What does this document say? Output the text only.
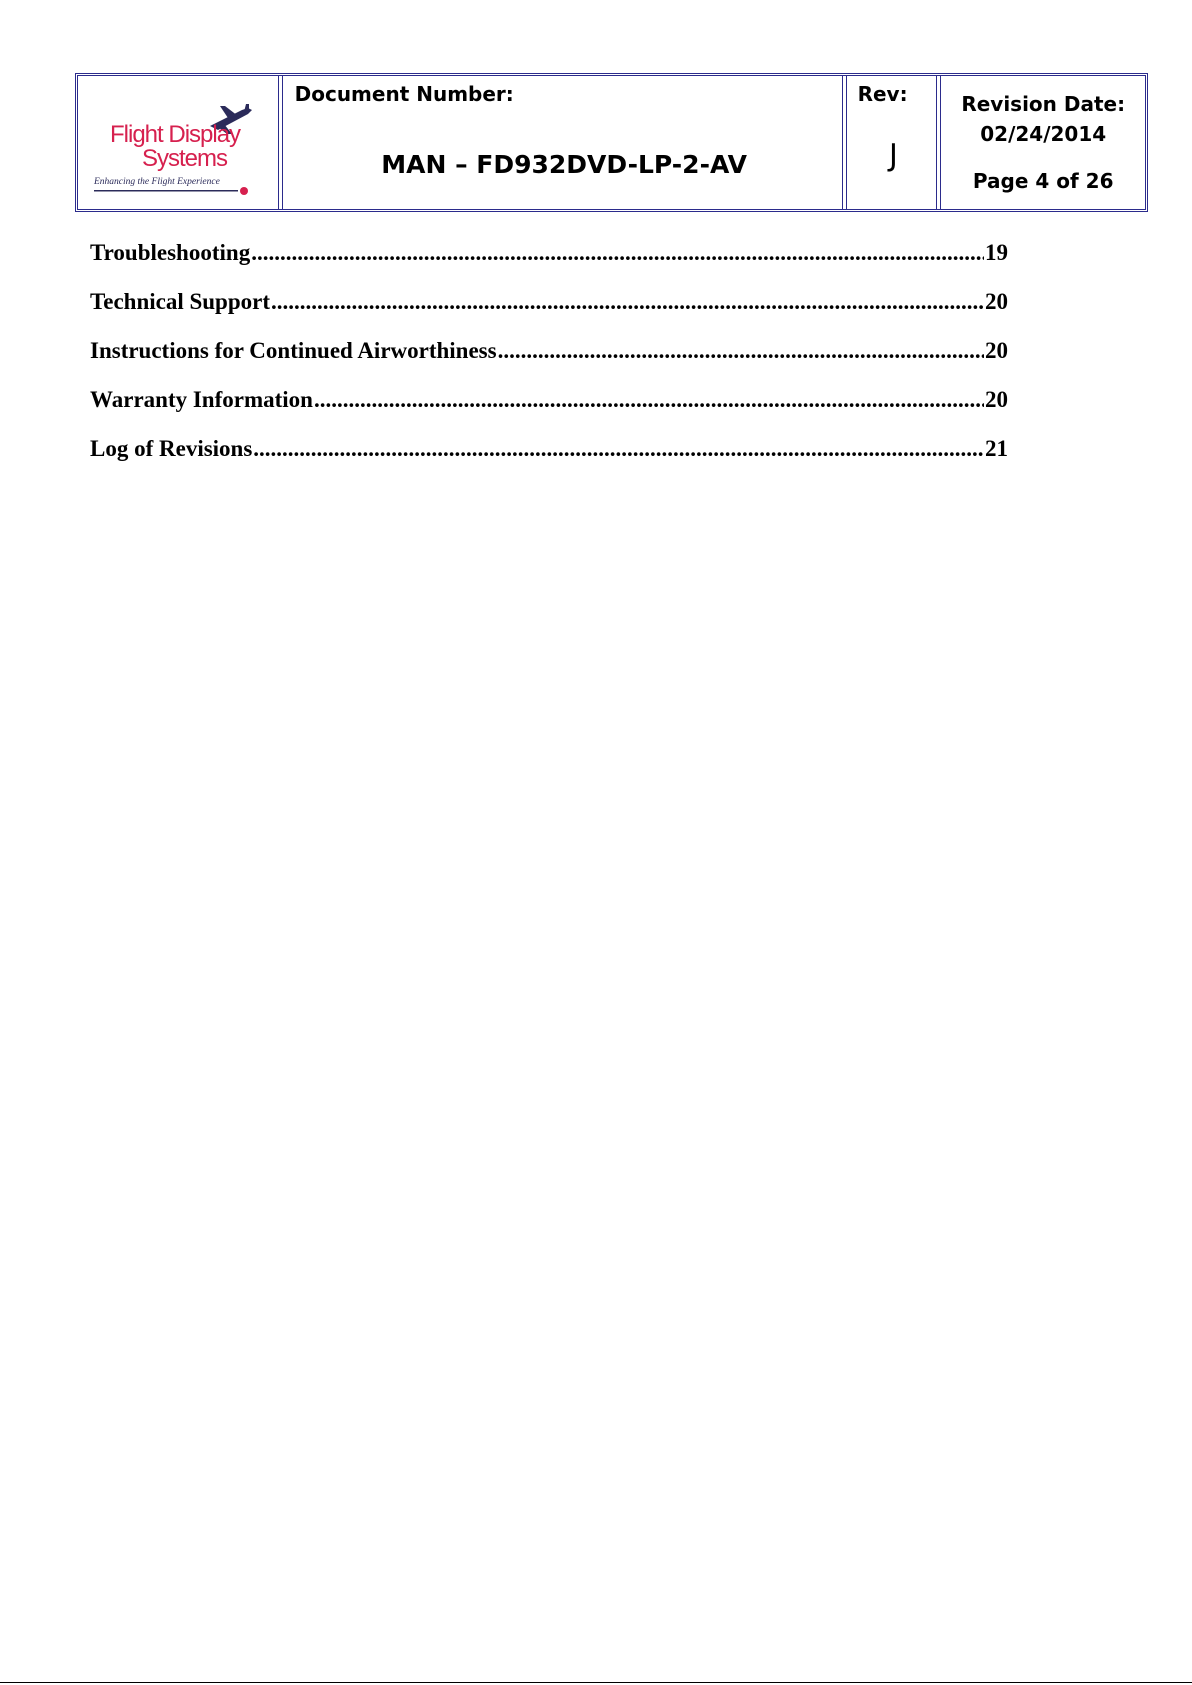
Flight Display
Systems
Enhancing the Flight Experience
Document Number:
MAN – FD932DVD-LP-2-AV
Rev:
J
Revision Date:
02/24/2014
Page 4 of 26
Troubleshooting .....	19
Technical Support .....	20
Instructions for Continued Airworthiness .....	20
Warranty Information .....	20
Log of Revisions .....	21
